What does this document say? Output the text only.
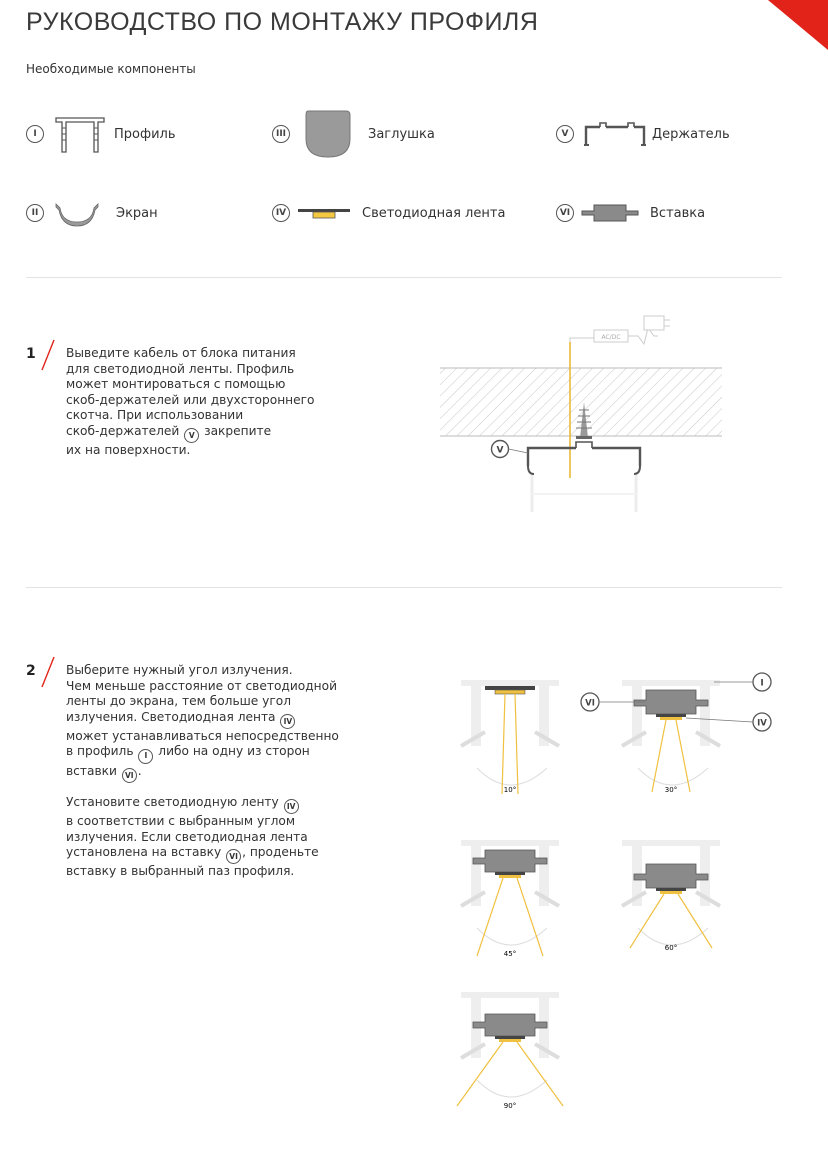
РУКОВОДСТВО ПО МОНТАЖУ ПРОФИЛЯ
Необходимые компоненты
I	Профиль	III	Заглушка	V	Держатель
II	Экран	IV	Светодиодная лента	VI	Вставка
1 Выведите кабель от блока питания
для светодиодной ленты. Профиль
может монтироваться с помощью
скоб-держателей или двухстороннего
скотча. При использовании
скоб-держателей V закрепите
их на поверхности.
AC/DC
V
2 Выберите нужный угол излучения.
Чем меньше расстояние от светодиодной
ленты до экрана, тем больше угол
излучения. Светодиодная лента IV
может устанавливаться непосредственно
в профиль I либо на одну из сторон
вставки VI .

Установите светодиодную ленту IV
в соответствии с выбранным углом
излучения. Если светодиодная лента
установлена на вставку VI , проденьте
вставку в выбранный паз профиля.

10°	30°
I
VI
IV
45°
60°
90°
